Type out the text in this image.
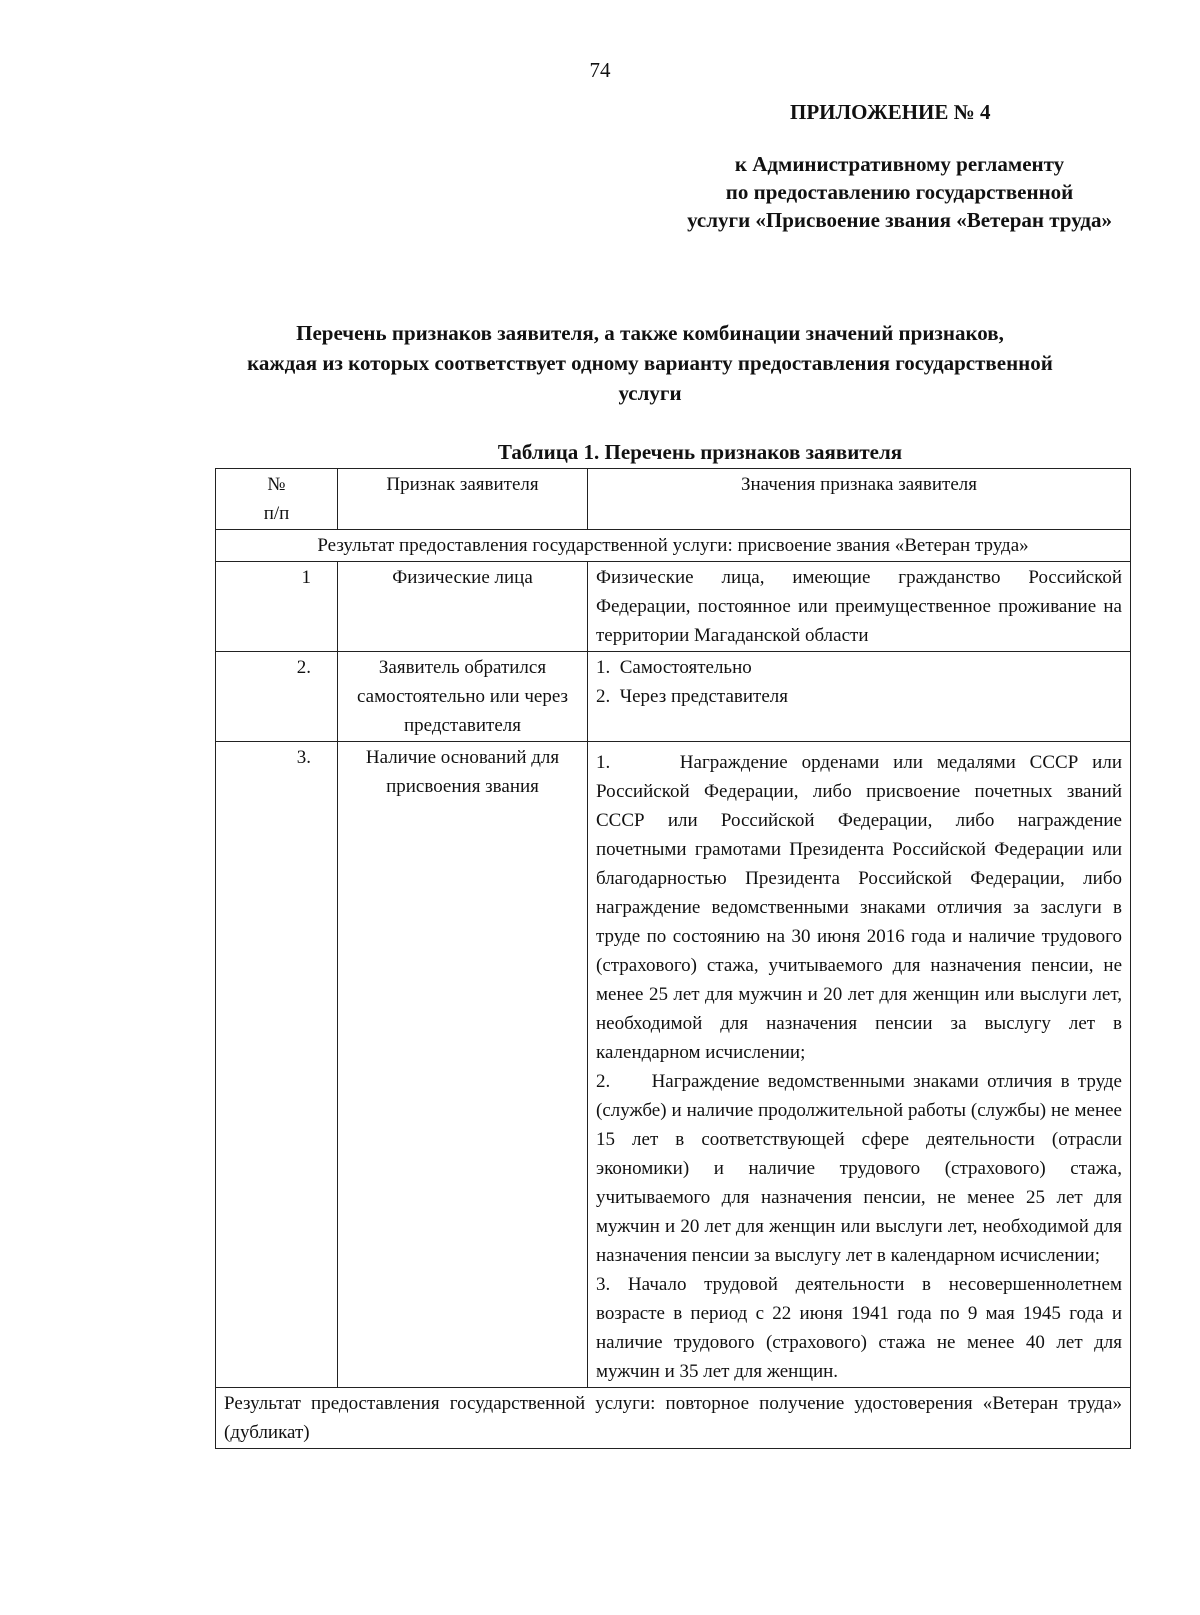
74
ПРИЛОЖЕНИЕ № 4
к Административному регламенту
по предоставлению государственной
услуги «Присвоение звания «Ветеран труда»
Перечень признаков заявителя, а также комбинации значений признаков,
каждая из которых соответствует одному варианту предоставления государственной
услуги
Таблица 1. Перечень признаков заявителя
№
п/п	Признак заявителя	Значения признака заявителя
Результат предоставления государственной услуги: присвоение звания «Ветеран труда»		
1	Физические лица	Физические лица, имеющие гражданство Российской Федерации, постоянное или преимущественное проживание на территории Магаданской области
2.	Заявитель обратился самостоятельно или через представителя	1.  Самостоятельно
2.  Через представителя

3.	Наличие оснований для присвоения звания	1.     Награждение орденами или медалями СССР или Российской Федерации, либо присвоение почетных званий СССР или Российской Федерации, либо награждение почетными грамотами Президента Российской Федерации или благодарностью Президента Российской Федерации, либо награждение ведомственными знаками отличия за заслуги в труде по состоянию на 30 июня 2016 года и наличие трудового (страхового) стажа, учитываемого для назначения пенсии, не менее 25 лет для мужчин и 20 лет для женщин или выслуги лет, необходимой для назначения пенсии за выслугу лет в календарном исчислении;
2.     Награждение ведомственными знаками отличия в труде (службе) и наличие продолжительной работы (службы) не менее 15 лет в соответствующей сфере деятельности (отрасли экономики) и наличие трудового (страхового) стажа, учитываемого для назначения пенсии, не менее 25 лет для мужчин и 20 лет для женщин или выслуги лет, необходимой для назначения пенсии за выслугу лет в календарном исчислении;
3. Начало трудовой деятельности в несовершеннолетнем возрасте в период с 22 июня 1941 года по 9 мая 1945 года и наличие трудового (страхового) стажа не менее 40 лет для мужчин и 35 лет для женщин.

Результат предоставления государственной услуги: повторное получение удостоверения «Ветеран труда» (дубликат)		
